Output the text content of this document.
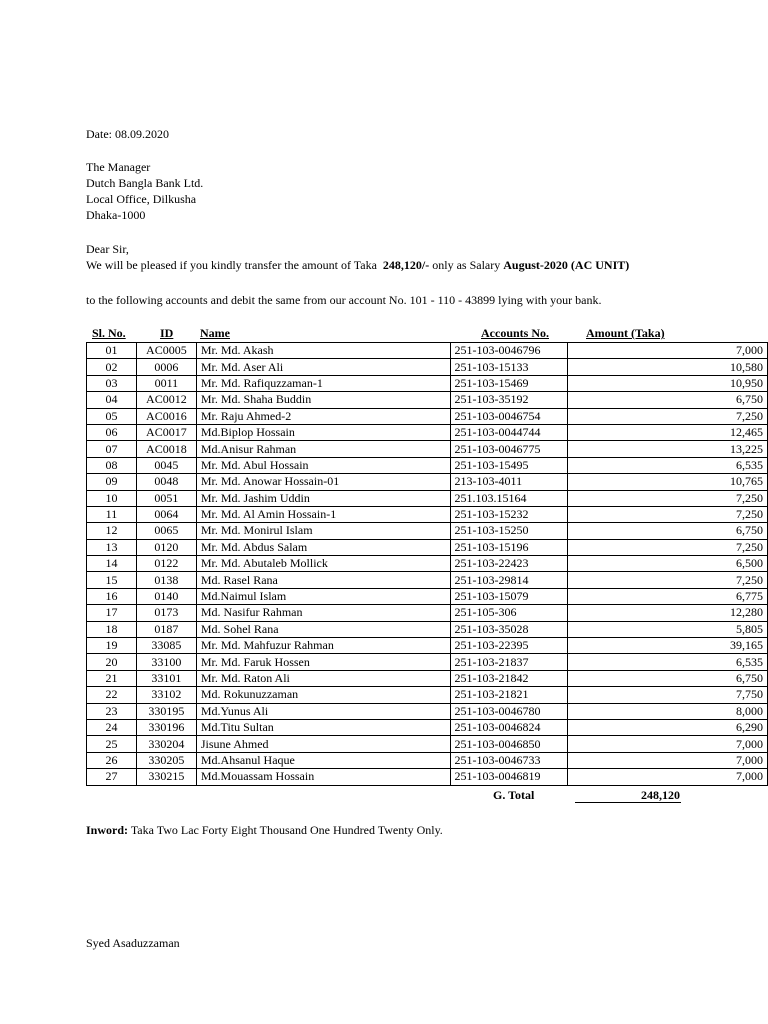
Date: 08.09.2020
The Manager
Dutch Bangla Bank Ltd.
Local Office, Dilkusha
Dhaka-1000
Dear Sir,
We will be pleased if you kindly transfer the amount of Taka 248,120/- only as Salary August-2020 (AC UNIT)
to the following accounts and debit the same from our account No. 101 - 110 - 43899 lying with your bank.
Sl. No.	ID Name	Accounts No.	Amount (Taka)
01	AC0005	Mr. Md. Akash	251-103-0046796	7,000
02	0006	Mr. Md. Aser Ali	251-103-15133	10,580
03	0011	Mr. Md. Rafiquzzaman-1	251-103-15469	10,950
04	AC0012	Mr. Md. Shaha Buddin	251-103-35192	6,750
05	AC0016	Mr. Raju Ahmed-2	251-103-0046754	7,250
06	AC0017	Md.Biplop Hossain	251-103-0044744	12,465
07	AC0018	Md.Anisur Rahman	251-103-0046775	13,225
08	0045	Mr. Md. Abul Hossain	251-103-15495	6,535
09	0048	Mr. Md. Anowar Hossain-01	213-103-4011	10,765
10	0051	Mr. Md. Jashim Uddin	251.103.15164	7,250
11	0064	Mr. Md. Al Amin Hossain-1	251-103-15232	7,250
12	0065	Mr. Md. Monirul Islam	251-103-15250	6,750
13	0120	Mr. Md. Abdus Salam	251-103-15196	7,250
14	0122	Mr. Md. Abutaleb Mollick	251-103-22423	6,500
15	0138	Md. Rasel Rana	251-103-29814	7,250
16	0140	Md.Naimul Islam	251-103-15079	6,775
17	0173	Md. Nasifur Rahman	251-105-306	12,280
18	0187	Md. Sohel Rana	251-103-35028	5,805
19	33085	Mr. Md. Mahfuzur Rahman	251-103-22395	39,165
20	33100	Mr. Md. Faruk Hossen	251-103-21837	6,535
21	33101	Mr. Md. Raton Ali	251-103-21842	6,750
22	33102	Md. Rokunuzzaman	251-103-21821	7,750
23	330195	Md.Yunus Ali	251-103-0046780	8,000
24	330196	Md.Titu Sultan	251-103-0046824	6,290
25	330204	Jisune Ahmed	251-103-0046850	7,000
26	330205	Md.Ahsanul Haque	251-103-0046733	7,000
27	330215	Md.Mouassam Hossain	251-103-0046819	7,000
G. Total	248,120
Inword: Taka Two Lac Forty Eight Thousand One Hundred Twenty Only.
Syed Asaduzzaman
